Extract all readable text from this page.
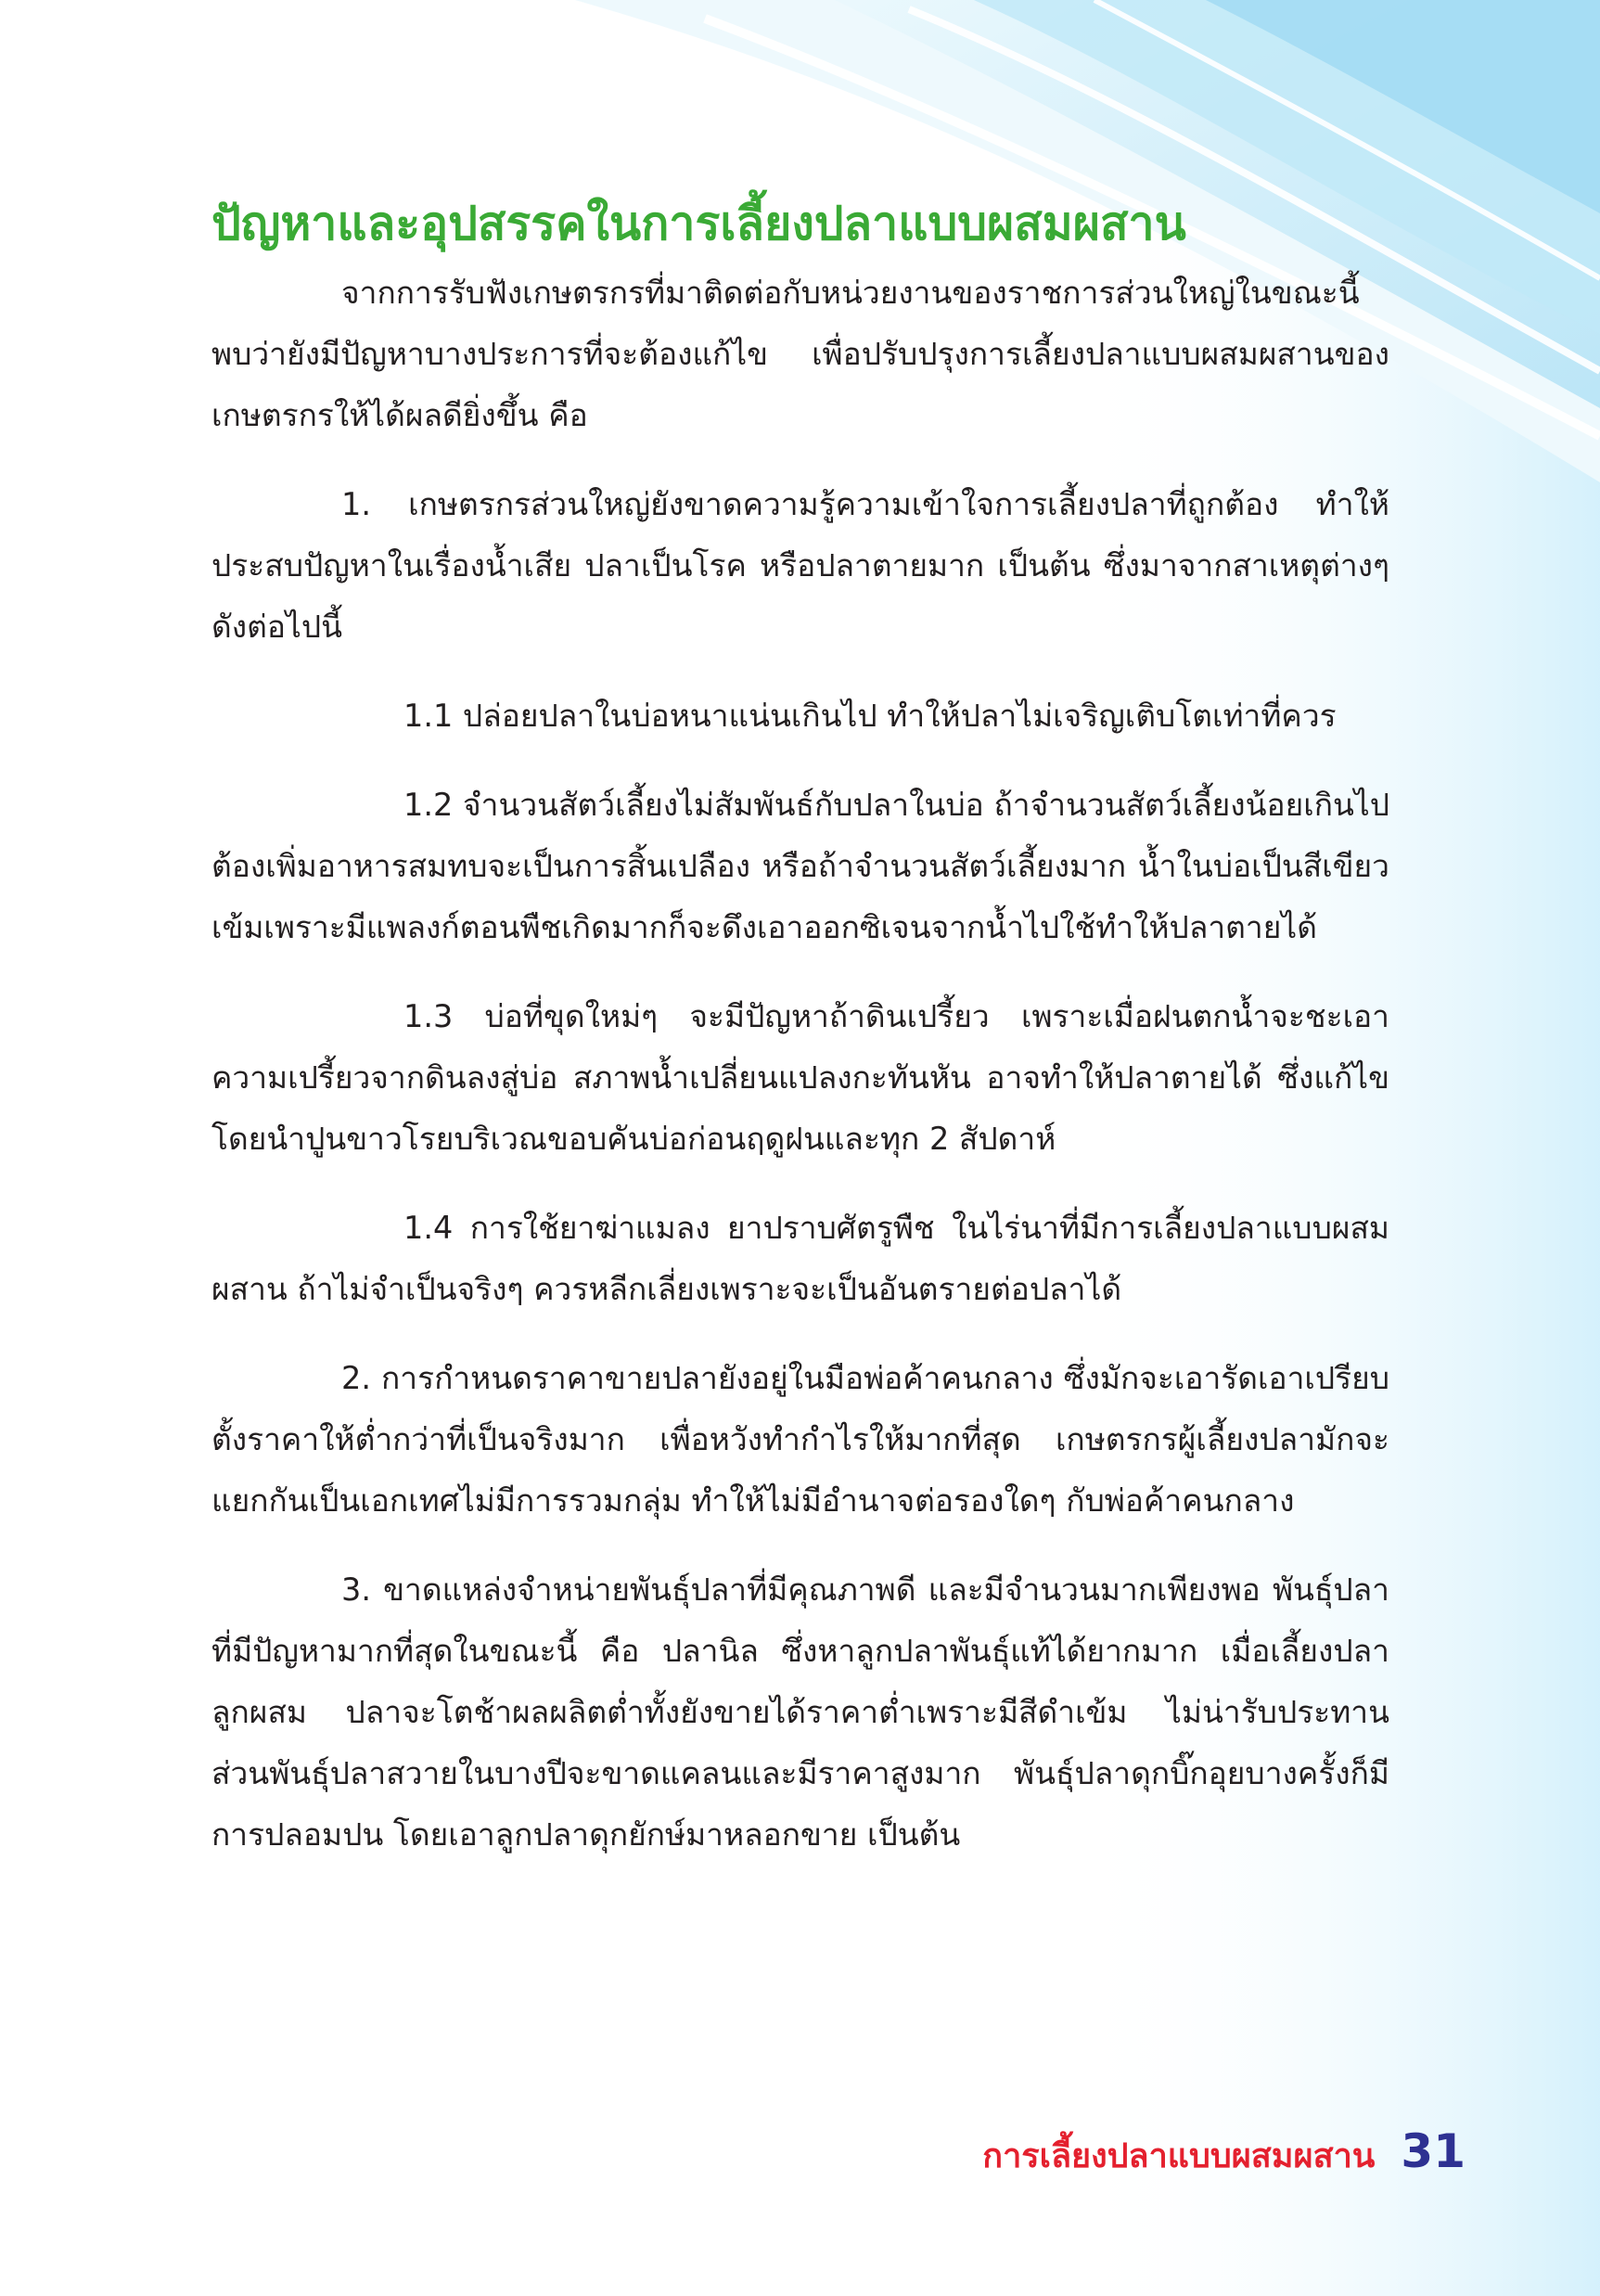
ปัญหาและอุปสรรคในการเลี้ยงปลาแบบผสมผสาน

จากการรับฟังเกษตรกรที่มาติดต่อกับหน่วยงานของราชการส่วนใหญ่ในขณะนี้พบว่ายังมีปัญหาบางประการที่จะต้องแก้ไข เพื่อปรับปรุงการเลี้ยงปลาแบบผสมผสานของเกษตรกรให้ได้ผลดียิ่งขึ้น คือ

1. เกษตรกรส่วนใหญ่ยังขาดความรู้ความเข้าใจการเลี้ยงปลาที่ถูกต้อง ทำให้ประสบปัญหาในเรื่องน้ำเสีย ปลาเป็นโรค หรือปลาตายมาก เป็นต้น ซึ่งมาจากสาเหตุต่างๆ ดังต่อไปนี้

1.1 ปล่อยปลาในบ่อหนาแน่นเกินไป ทำให้ปลาไม่เจริญเติบโตเท่าที่ควร

1.2 จำนวนสัตว์เลี้ยงไม่สัมพันธ์กับปลาในบ่อ ถ้าจำนวนสัตว์เลี้ยงน้อยเกินไปต้องเพิ่มอาหารสมทบจะเป็นการสิ้นเปลือง หรือถ้าจำนวนสัตว์เลี้ยงมาก น้ำในบ่อเป็นสีเขียวเข้มเพราะมีแพลงก์ตอนพืชเกิดมากก็จะดึงเอาออกซิเจนจากน้ำไปใช้ทำให้ปลาตายได้

1.3 บ่อที่ขุดใหม่ๆ จะมีปัญหาถ้าดินเปรี้ยว เพราะเมื่อฝนตกน้ำจะชะเอาความเปรี้ยวจากดินลงสู่บ่อ สภาพน้ำเปลี่ยนแปลงกะทันหัน อาจทำให้ปลาตายได้ ซึ่งแก้ไขโดยนำปูนขาวโรยบริเวณขอบคันบ่อก่อนฤดูฝนและทุก 2 สัปดาห์

1.4 การใช้ยาฆ่าแมลง ยาปราบศัตรูพืช ในไร่นาที่มีการเลี้ยงปลาแบบผสมผสาน ถ้าไม่จำเป็นจริงๆ ควรหลีกเลี่ยงเพราะจะเป็นอันตรายต่อปลาได้

2. การกำหนดราคาขายปลายังอยู่ในมือพ่อค้าคนกลาง ซึ่งมักจะเอารัดเอาเปรียบตั้งราคาให้ต่ำกว่าที่เป็นจริงมาก เพื่อหวังทำกำไรให้มากที่สุด เกษตรกรผู้เลี้ยงปลามักจะแยกกันเป็นเอกเทศไม่มีการรวมกลุ่ม ทำให้ไม่มีอำนาจต่อรองใดๆ กับพ่อค้าคนกลาง

3. ขาดแหล่งจำหน่ายพันธุ์ปลาที่มีคุณภาพดี และมีจำนวนมากเพียงพอ พันธุ์ปลาที่มีปัญหามากที่สุดในขณะนี้ คือ ปลานิล ซึ่งหาลูกปลาพันธุ์แท้ได้ยากมาก เมื่อเลี้ยงปลาลูกผสม ปลาจะโตช้าผลผลิตต่ำทั้งยังขายได้ราคาต่ำเพราะมีสีดำเข้ม ไม่น่ารับประทาน ส่วนพันธุ์ปลาสวายในบางปีจะขาดแคลนและมีราคาสูงมาก พันธุ์ปลาดุกบิ๊กอุยบางครั้งก็มีการปลอมปน โดยเอาลูกปลาดุกยักษ์มาหลอกขาย เป็นต้น

การเลี้ยงปลาแบบผสมผสาน 31
